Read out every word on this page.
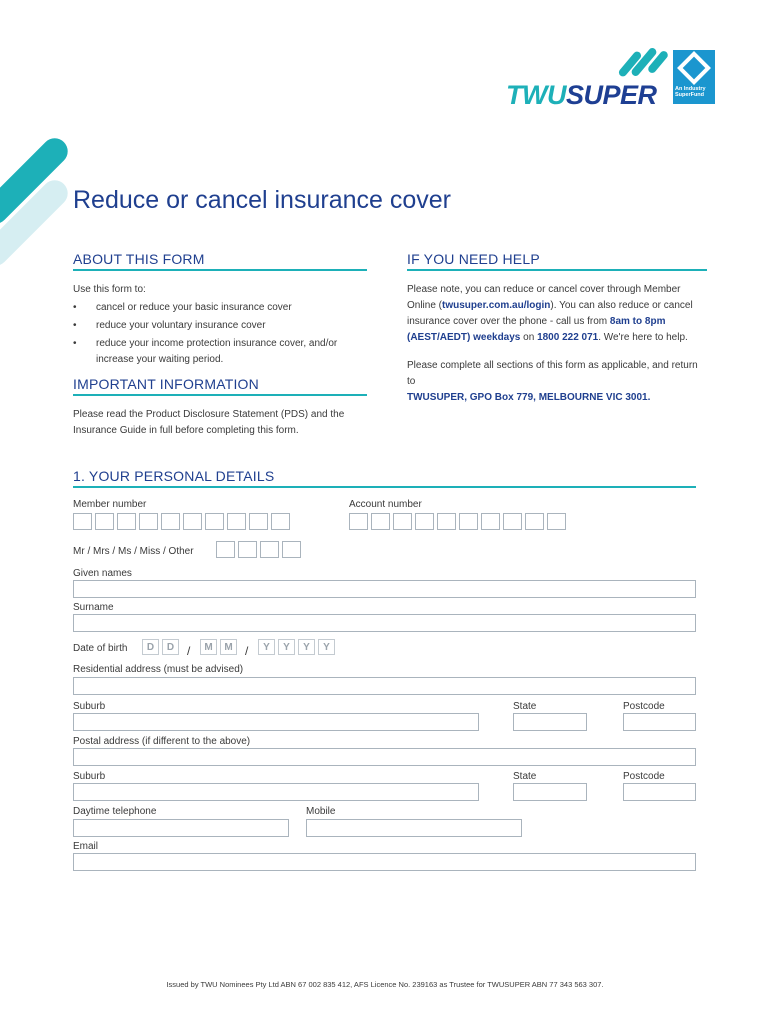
TWUSUPER	An Industry
SuperFund
Reduce or cancel insurance cover
ABOUT THIS FORM
Use this form to:
• cancel or reduce your basic insurance cover
• reduce your voluntary insurance cover
• reduce your income protection insurance cover, and/or increase your waiting period.
IMPORTANT INFORMATION
Please read the Product Disclosure Statement (PDS) and the Insurance Guide in full before completing this form.
IF YOU NEED HELP
Please note, you can reduce or cancel cover through Member Online (twusuper.com.au/login). You can also reduce or cancel insurance cover over the phone - call us from 8am to 8pm (AEST/AEDT) weekdays on 1800 222 071. We're here to help.
Please complete all sections of this form as applicable, and return to
TWUSUPER, GPO Box 779, MELBOURNE VIC 3001.
1. YOUR PERSONAL DETAILS
Member number	Account number
Mr / Mrs / Ms / Miss / Other
Given names
Surname
Date of birth	D	D	/	M	M	/	Y	Y	Y	Y
Residential address (must be advised)
Suburb	State	Postcode
Postal address (if different to the above)
Suburb	State	Postcode
Daytime telephone	Mobile
Email
Issued by TWU Nominees Pty Ltd ABN 67 002 835 412, AFS Licence No. 239163 as Trustee for TWUSUPER ABN 77 343 563 307.
